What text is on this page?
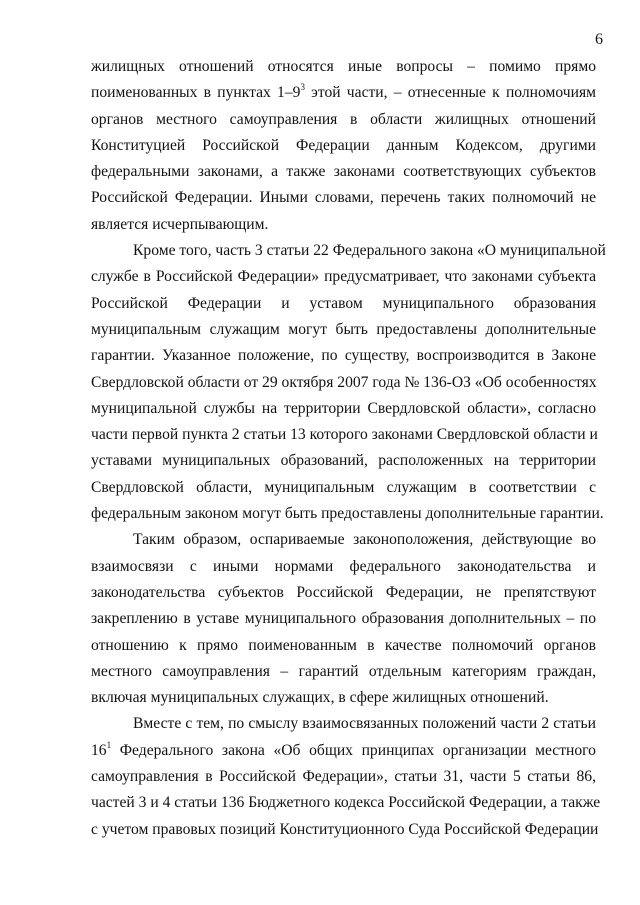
6
жилищных отношений относятся иные вопросы – помимо прямо
поименованных в пунктах $1-9^3$ этой части, – отнесенные к полномочиям
органов местного самоуправления в области жилищных отношений
Конституцией Российской Федерации данным Кодексом, другими
федеральными законами, а также законами соответствующих субъектов
Российской Федерации. Иными словами, перечень таких полномочий не
является исчерпывающим.
Кроме того, часть 3 статьи 22 Федерального закона «О муниципальной
службе в Российской Федерации» предусматривает, что законами субъекта
Российской Федерации и уставом муниципального образования
муниципальным служащим могут быть предоставлены дополнительные
гарантии. Указанное положение, по существу, воспроизводится в Законе
Свердловской области от 29 октября 2007 года № 136-ОЗ «Об особенностях
муниципальной службы на территории Свердловской области», согласно
части первой пункта 2 статьи 13 которого законами Свердловской области и
уставами муниципальных образований, расположенных на территории
Свердловской области, муниципальным служащим в соответствии с
федеральным законом могут быть предоставлены дополнительные гарантии.
Таким образом, оспариваемые законоположения, действующие во
взаимосвязи с иными нормами федерального законодательства и
законодательства субъектов Российской Федерации, не препятствуют
закреплению в уставе муниципального образования дополнительных – по
отношению к прямо поименованным в качестве полномочий органов
местного самоуправления – гарантий отдельным категориям граждан,
включая муниципальных служащих, в сфере жилищных отношений.
Вместе с тем, по смыслу взаимосвязанных положений части 2 статьи
$16^1$ Федерального закона «Об общих принципах организации местного
самоуправления в Российской Федерации», статьи 31, части 5 статьи 86,
частей 3 и 4 статьи 136 Бюджетного кодекса Российской Федерации, а также
с учетом правовых позиций Конституционного Суда Российской Федерации
